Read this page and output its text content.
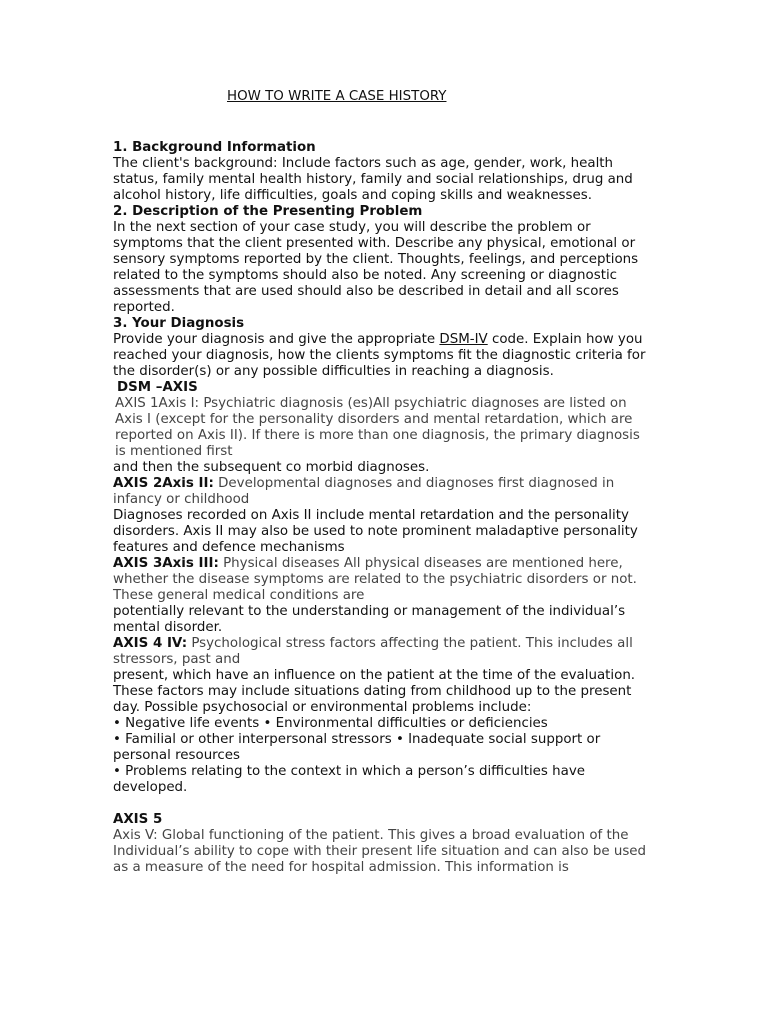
HOW TO WRITE A CASE HISTORY

1. Background Information

The client's background: Include factors such as age, gender, work, health status, family mental health history, family and social relationships, drug and alcohol history, life difficulties, goals and coping skills and weaknesses.

2. Description of the Presenting Problem

In the next section of your case study, you will describe the problem or symptoms that the client presented with. Describe any physical, emotional or sensory symptoms reported by the client. Thoughts, feelings, and perceptions related to the symptoms should also be noted. Any screening or diagnostic assessments that are used should also be described in detail and all scores reported.

3. Your Diagnosis

Provide your diagnosis and give the appropriate DSM-IV code. Explain how you reached your diagnosis, how the clients symptoms fit the diagnostic criteria for the disorder(s) or any possible difficulties in reaching a diagnosis.

DSM –AXIS

AXIS 1Axis I: Psychiatric diagnosis (es)All psychiatric diagnoses are listed on Axis I (except for the personality disorders and mental retardation, which are reported on Axis II). If there is more than one diagnosis, the primary diagnosis is mentioned first

and then the subsequent co morbid diagnoses.

AXIS 2Axis II: Developmental diagnoses and diagnoses first diagnosed in infancy or childhood

Diagnoses recorded on Axis II include mental retardation and the personality disorders. Axis II may also be used to note prominent maladaptive personality features and defence mechanisms

AXIS 3Axis III: Physical diseases All physical diseases are mentioned here, whether the disease symptoms are related to the psychiatric disorders or not. These general medical conditions are

potentially relevant to the understanding or management of the individual’s mental disorder.

AXIS 4 IV: Psychological stress factors affecting the patient. This includes all stressors, past and

present, which have an influence on the patient at the time of the evaluation. These factors may include situations dating from childhood up to the present day. Possible psychosocial or environmental problems include:

• Negative life events • Environmental difficulties or deficiencies

• Familial or other interpersonal stressors • Inadequate social support or personal resources

• Problems relating to the context in which a person’s difficulties have developed.

AXIS 5

Axis V: Global functioning of the patient. This gives a broad evaluation of the Individual’s ability to cope with their present life situation and can also be used as a measure of the need for hospital admission. This information is
